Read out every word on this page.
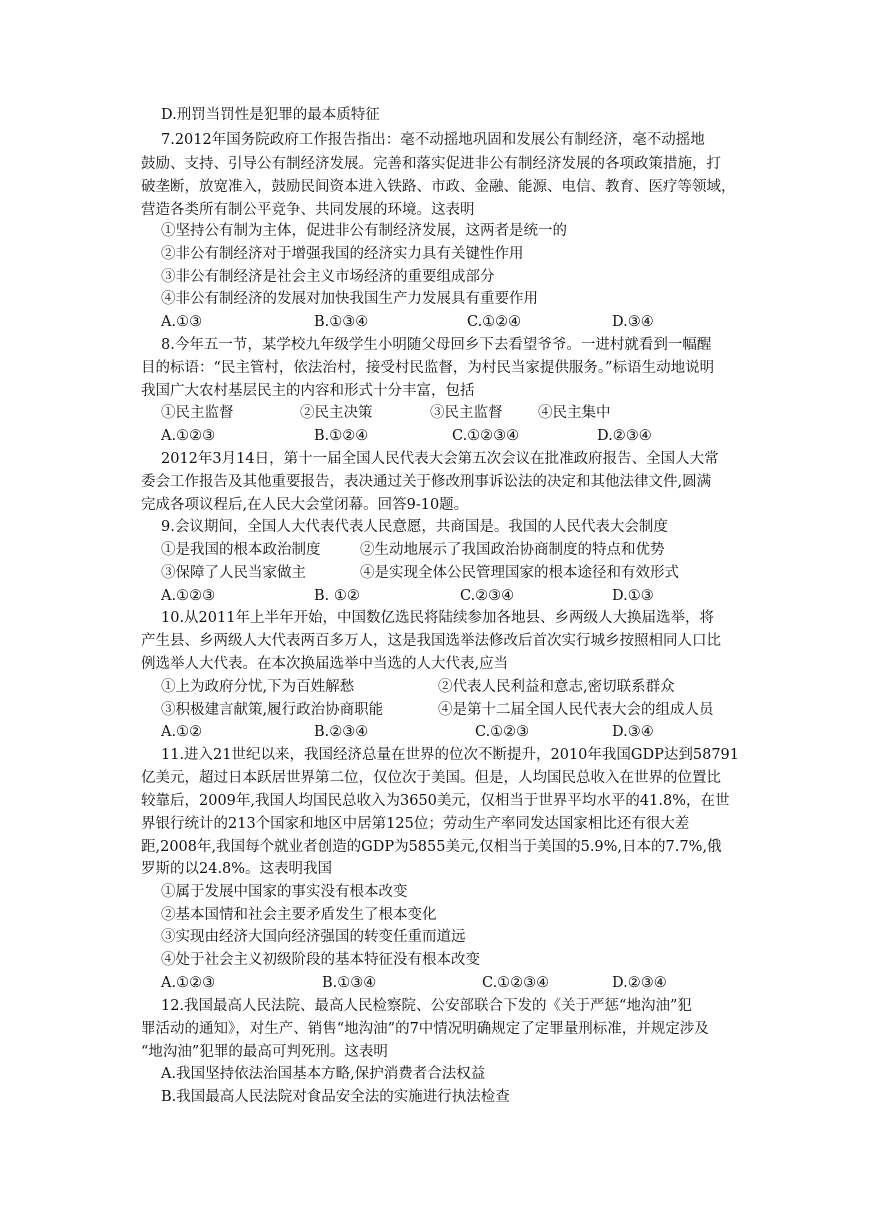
D.刑罚当罚性是犯罪的最本质特征
7.2012年国务院政府工作报告指出：毫不动摇地巩固和发展公有制经济，毫不动摇地
鼓励、支持、引导公有制经济发展。完善和落实促进非公有制经济发展的各项政策措施，打
破垄断，放宽准入，鼓励民间资本进入铁路、市政、金融、能源、电信、教育、医疗等领域，
营造各类所有制公平竞争、共同发展的环境。这表明
①坚持公有制为主体，促进非公有制经济发展，这两者是统一的
②非公有制经济对于增强我国的经济实力具有关键性作用
③非公有制经济是社会主义市场经济的重要组成部分
④非公有制经济的发展对加快我国生产力发展具有重要作用
A.①③	B.①③④	C.①②④	D.③④
8.今年五一节，某学校九年级学生小明随父母回乡下去看望爷爷。一进村就看到一幅醒
目的标语：“民主管村，依法治村，接受村民监督，为村民当家提供服务。”标语生动地说明
我国广大农村基层民主的内容和形式十分丰富，包括
①民主监督	②民主决策	③民主监督 ④民主集中
A.①②③	B.①②④	C.①②③④	D.②③④
2012年3月14日，第十一届全国人民代表大会第五次会议在批准政府报告、全国人大常
委会工作报告及其他重要报告，表决通过关于修改刑事诉讼法的决定和其他法律文件,圆满
完成各项议程后,在人民大会堂闭幕。回答9-10题。
9.会议期间，全国人大代表代表人民意愿，共商国是。我国的人民代表大会制度
①是我国的根本政治制度	②生动地展示了我国政治协商制度的特点和优势
③保障了人民当家做主	④是实现全体公民管理国家的根本途径和有效形式
A.①②③	B. ①②	C.②③④	D.①③
10.从2011年上半年开始，中国数亿选民将陆续参加各地县、乡两级人大换届选举，将
产生县、乡两级人大代表两百多万人，这是我国选举法修改后首次实行城乡按照相同人口比
例选举人大代表。在本次换届选举中当选的人大代表,应当
①上为政府分忧,下为百姓解愁	②代表人民利益和意志,密切联系群众
③积极建言献策,履行政治协商职能	④是第十二届全国人民代表大会的组成人员
A.①②	B.②③④	C.①②③	D.③④
11.进入21世纪以来，我国经济总量在世界的位次不断提升，2010年我国GDP达到58791
亿美元，超过日本跃居世界第二位，仅位次于美国。但是，人均国民总收入在世界的位置比
较靠后，2009年,我国人均国民总收入为3650美元，仅相当于世界平均水平的41.8%，在世
界银行统计的213个国家和地区中居第125位；劳动生产率同发达国家相比还有很大差
距,2008年,我国每个就业者创造的GDP为5855美元,仅相当于美国的5.9%,日本的7.7%,俄
罗斯的以24.8%。这表明我国
①属于发展中国家的事实没有根本改变
②基本国情和社会主要矛盾发生了根本变化
③实现由经济大国向经济强国的转变任重而道远
④处于社会主义初级阶段的基本特征没有根本改变
A.①②③	B.①③④	C.①②③④	D.②③④
12.我国最高人民法院、最高人民检察院、公安部联合下发的《关于严惩“地沟油”犯
罪活动的通知》，对生产、销售“地沟油”的7中情况明确规定了定罪量刑标准，并规定涉及
“地沟油”犯罪的最高可判死刑。这表明
A.我国坚持依法治国基本方略,保护消费者合法权益
B.我国最高人民法院对食品安全法的实施进行执法检查
